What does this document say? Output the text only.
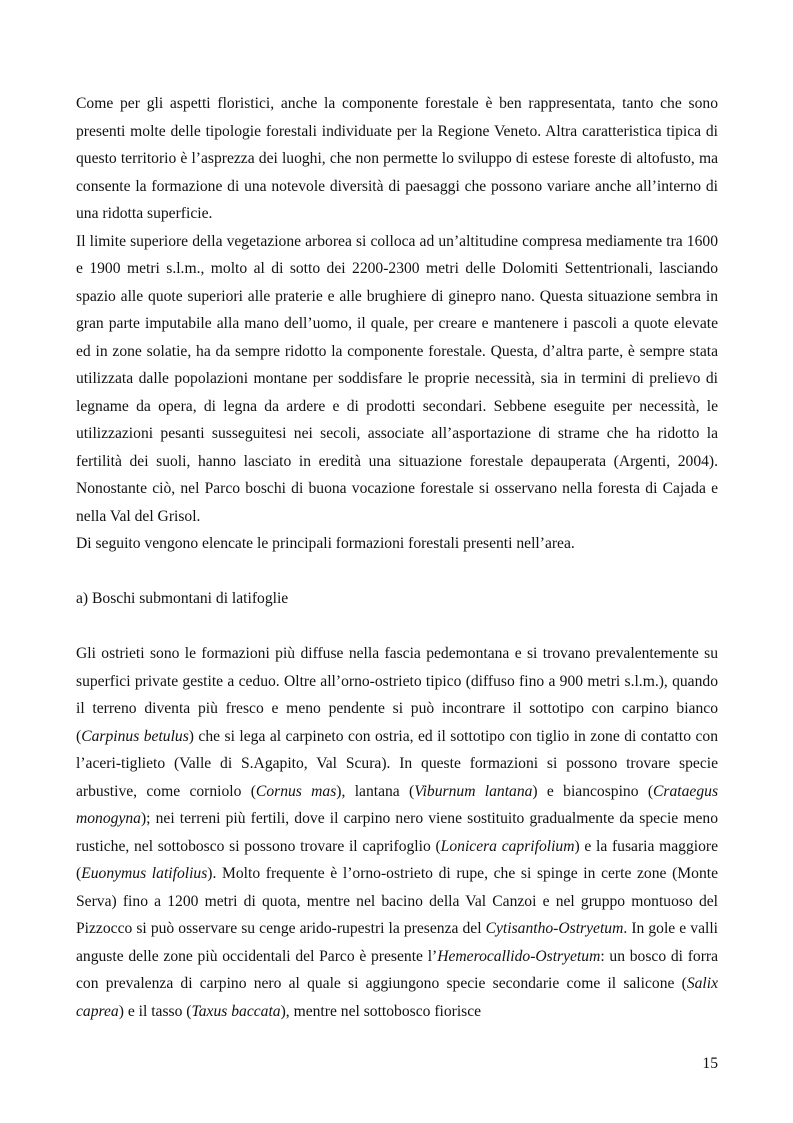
Come per gli aspetti floristici, anche la componente forestale è ben rappresentata, tanto che sono presenti molte delle tipologie forestali individuate per la Regione Veneto. Altra caratteristica tipica di questo territorio è l’asprezza dei luoghi, che non permette lo sviluppo di estese foreste di altofusto, ma consente la formazione di una notevole diversità di paesaggi che possono variare anche all’interno di una ridotta superficie.

Il limite superiore della vegetazione arborea si colloca ad un’altitudine compresa mediamente tra 1600 e 1900 metri s.l.m., molto al di sotto dei 2200-2300 metri delle Dolomiti Settentrionali, lasciando spazio alle quote superiori alle praterie e alle brughiere di ginepro nano. Questa situazione sembra in gran parte imputabile alla mano dell’uomo, il quale, per creare e mantenere i pascoli a quote elevate ed in zone solatie, ha da sempre ridotto la componente forestale. Questa, d’altra parte, è sempre stata utilizzata dalle popolazioni montane per soddisfare le proprie necessità, sia in termini di prelievo di legname da opera, di legna da ardere e di prodotti secondari. Sebbene eseguite per necessità, le utilizzazioni pesanti susseguitesi nei secoli, associate all’asportazione di strame che ha ridotto la fertilità dei suoli, hanno lasciato in eredità una situazione forestale depauperata (Argenti, 2004). Nonostante ciò, nel Parco boschi di buona vocazione forestale si osservano nella foresta di Cajada e nella Val del Grisol.

Di seguito vengono elencate le principali formazioni forestali presenti nell’area.

a) Boschi submontani di latifoglie

Gli ostrieti sono le formazioni più diffuse nella fascia pedemontana e si trovano prevalentemente su superfici private gestite a ceduo. Oltre all’orno-ostrieto tipico (diffuso fino a 900 metri s.l.m.), quando il terreno diventa più fresco e meno pendente si può incontrare il sottotipo con carpino bianco (Carpinus betulus) che si lega al carpineto con ostria, ed il sottotipo con tiglio in zone di contatto con l’aceri-tiglieto (Valle di S.Agapito, Val Scura). In queste formazioni si possono trovare specie arbustive, come corniolo (Cornus mas), lantana (Viburnum lantana) e biancospino (Crataegus monogyna); nei terreni più fertili, dove il carpino nero viene sostituito gradualmente da specie meno rustiche, nel sottobosco si possono trovare il caprifoglio (Lonicera caprifolium) e la fusaria maggiore (Euonymus latifolius). Molto frequente è l’orno-ostrieto di rupe, che si spinge in certe zone (Monte Serva) fino a 1200 metri di quota, mentre nel bacino della Val Canzoi e nel gruppo montuoso del Pizzocco si può osservare su cenge arido-rupestri la presenza del Cytisantho-Ostryetum. In gole e valli anguste delle zone più occidentali del Parco è presente l’Hemerocallido-Ostryetum: un bosco di forra con prevalenza di carpino nero al quale si aggiungono specie secondarie come il salicone (Salix caprea) e il tasso (Taxus baccata), mentre nel sottobosco fiorisce

15
